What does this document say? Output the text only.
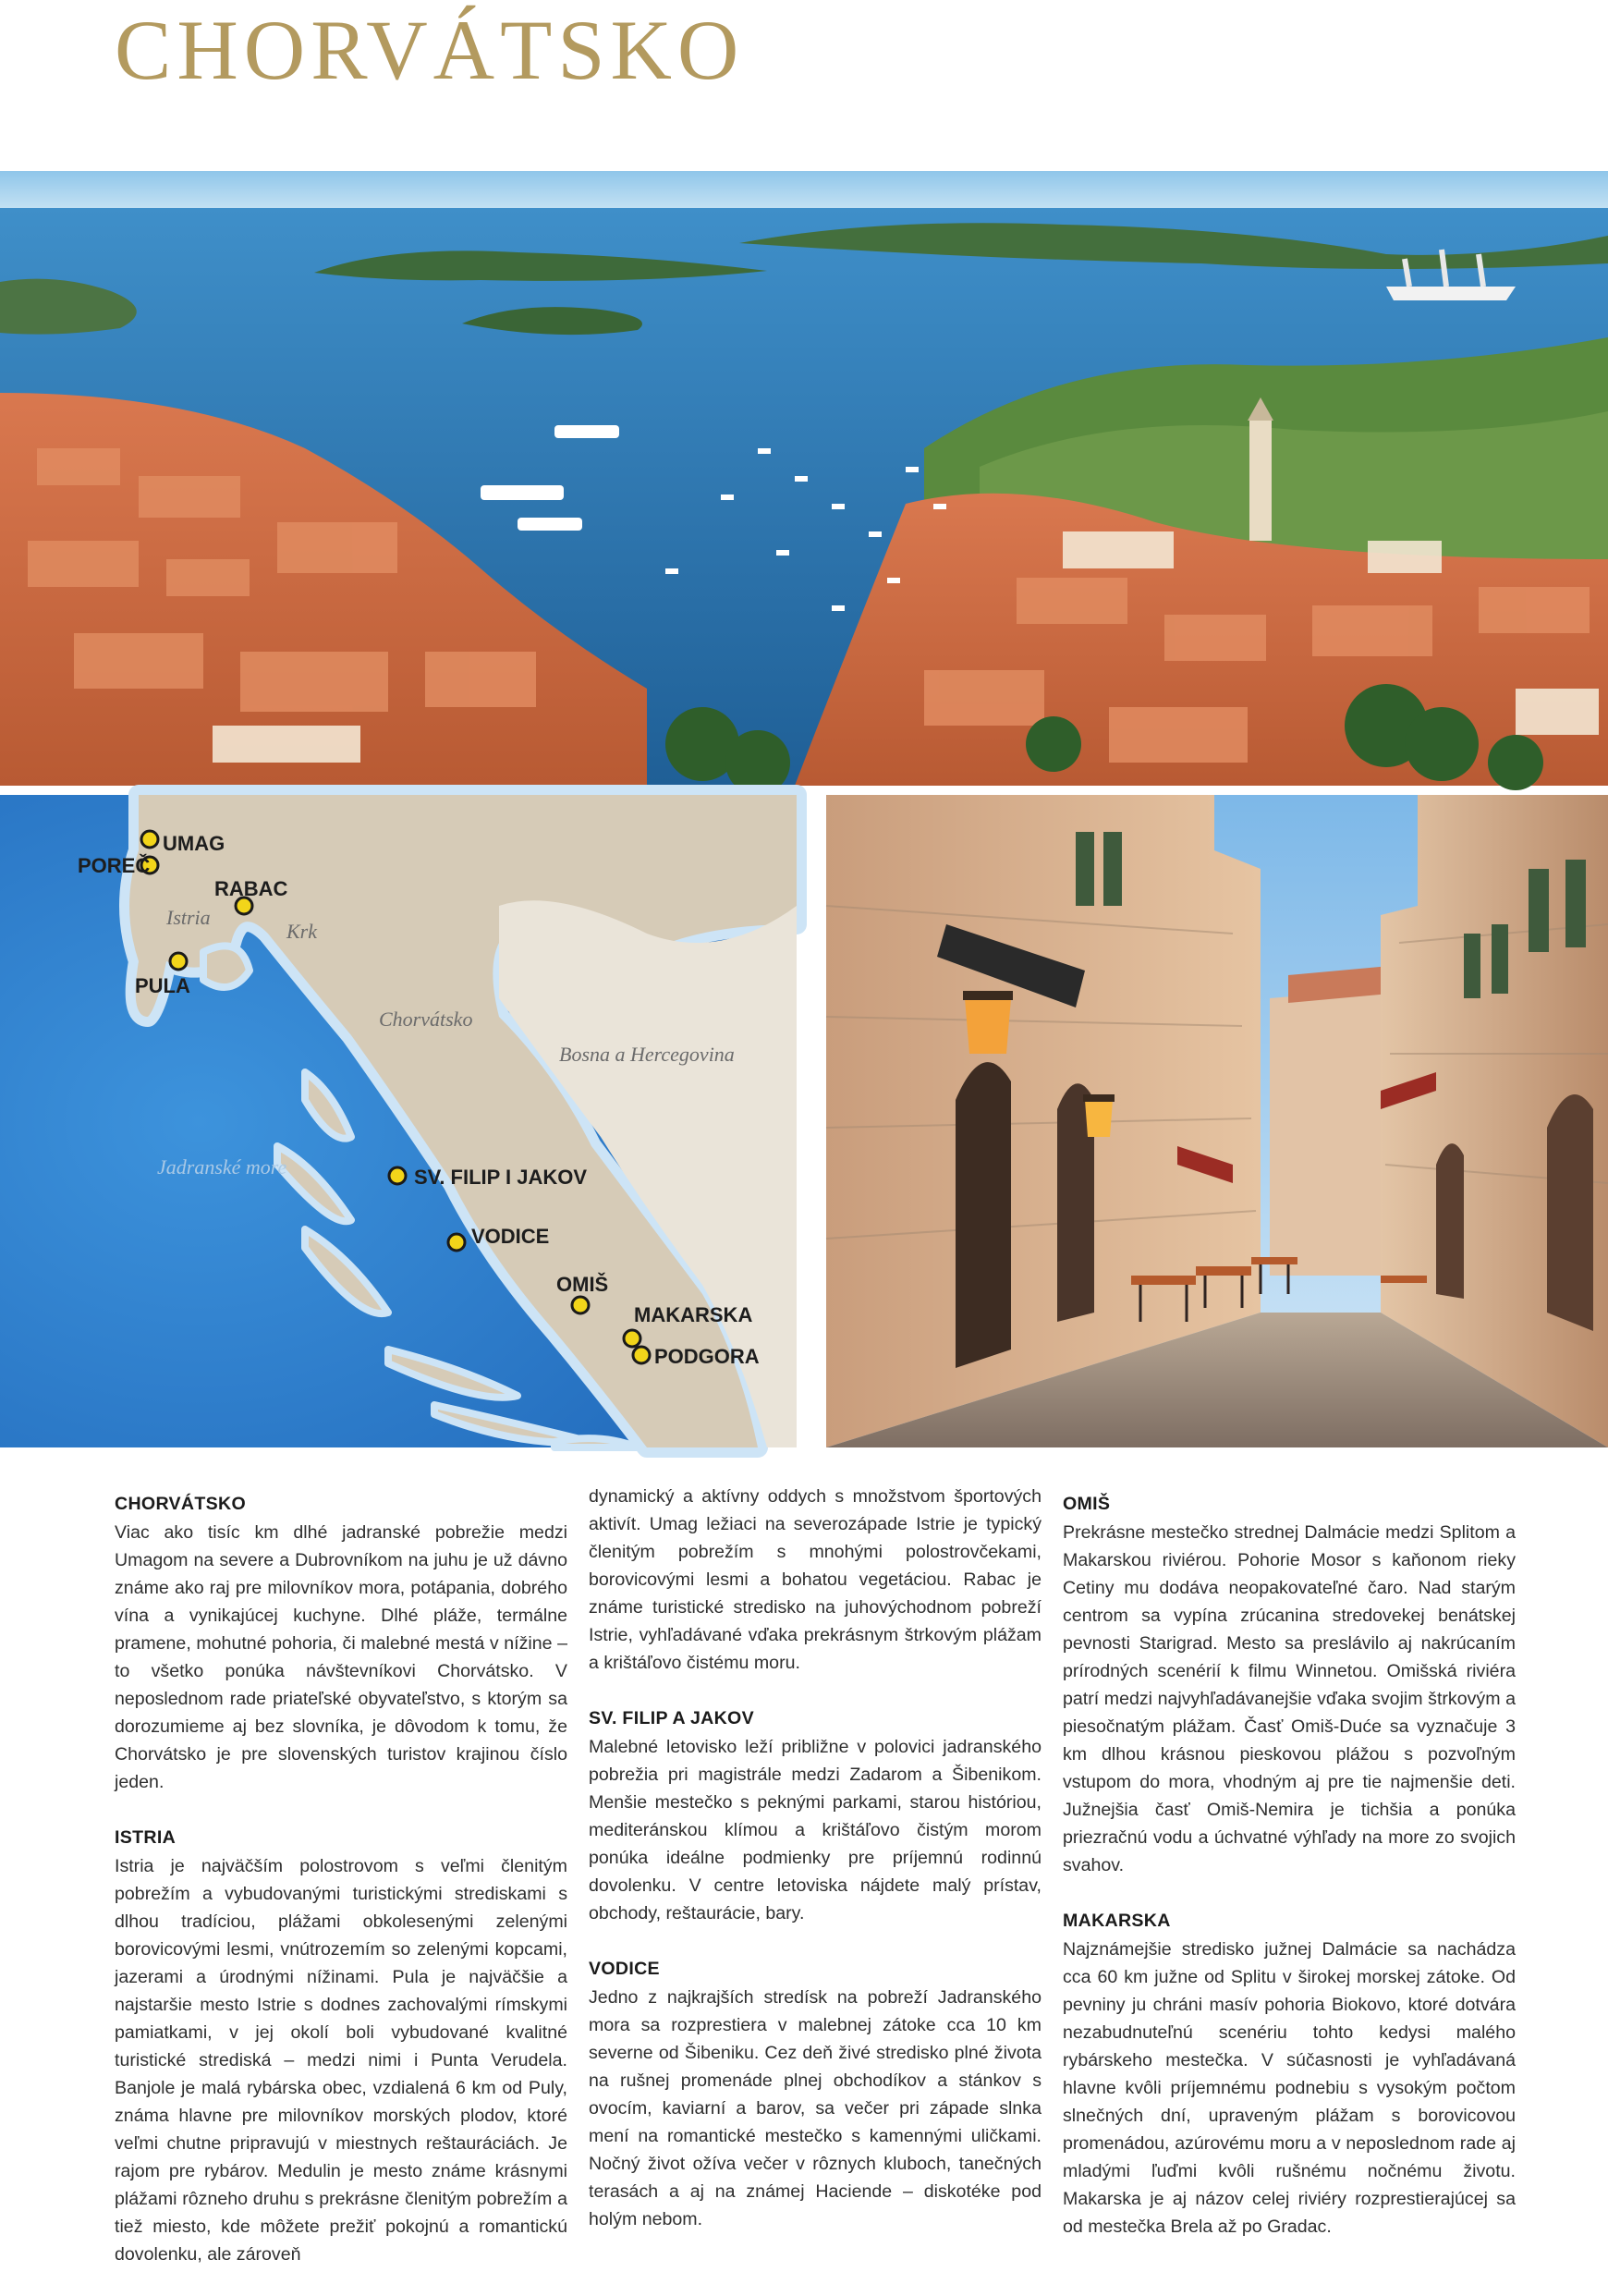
CHORVÁTSKO
Jadranské more
Istria
Krk
Chorvátsko
Bosna a Hercegovina
UMAG
POREČ
RABAC
PULA
SV. FILIP I JAKOV
VODICE
OMIŠ
MAKARSKA
PODGORA
CHORVÁTSKO

Viac ako tisíc km dlhé jadranské pobrežie medzi Umagom na severe a Dubrovníkom na juhu je už dávno známe ako raj pre milovníkov mora, potápania, dobrého vína a vynikajúcej kuchyne. Dlhé pláže, termálne pramene, mohutné pohoria, či malebné mestá v nížine – to všetko ponúka návštevníkovi Chorvátsko. V neposlednom rade priateľské obyvateľstvo, s ktorým sa dorozumieme aj bez slovníka, je dôvodom k tomu, že Chorvátsko je pre slovenských turistov krajinou číslo jeden.

ISTRIA

Istria je najväčším polostrovom s veľmi členitým pobrežím a vybudovanými turistickými strediskami s dlhou tradíciou, plážami obkolesenými zelenými borovicovými lesmi, vnútrozemím so zelenými kopcami, jazerami a úrodnými nížinami. Pula je najväčšie a najstaršie mesto Istrie s dodnes zachovalými rímskymi pamiatkami, v jej okolí boli vybudované kvalitné turistické strediská – medzi nimi i Punta Verudela. Banjole je malá rybárska obec, vzdialená 6 km od Puly, známa hlavne pre milovníkov morských plodov, ktoré veľmi chutne pripravujú v miestnych reštauráciách. Je rajom pre rybárov. Medulin je mesto známe krásnymi plážami rôzneho druhu s prekrásne členitým pobrežím a tiež miesto, kde môžete prežiť pokojnú a romantickú dovolenku, ale zároveň

dynamický a aktívny oddych s množstvom športových aktivít. Umag ležiaci na severozápade Istrie je typický členitým pobrežím s mnohými polostrovčekami, borovicovými lesmi a bohatou vegetáciou. Rabac je známe turistické stredisko na juhovýchodnom pobreží Istrie, vyhľadávané vďaka prekrásnym štrkovým plážam a krištáľovo čistému moru.

SV. FILIP A JAKOV

Malebné letovisko leží približne v polovici jadranského pobrežia pri magistrále medzi Zadarom a Šibenikom. Menšie mestečko s peknými parkami, starou históriou, mediteránskou klímou a krištáľovo čistým morom ponúka ideálne podmienky pre príjemnú rodinnú dovolenku. V centre letoviska nájdete malý prístav, obchody, reštaurácie, bary.

VODICE

Jedno z najkrajších stredísk na pobreží Jadranského mora sa rozprestiera v malebnej zátoke cca 10 km severne od Šibeniku. Cez deň živé stredisko plné života na rušnej promenáde plnej obchodíkov a stánkov s ovocím, kaviarní a barov, sa večer pri západe slnka mení na romantické mestečko s kamennými uličkami. Nočný život ožíva večer v rôznych kluboch, tanečných terasách a aj na známej Haciende – diskotéke pod holým nebom.

OMIŠ

Prekrásne mestečko strednej Dalmácie medzi Splitom a Makarskou riviérou. Pohorie Mosor s kaňonom rieky Cetiny mu dodáva neopakovateľné čaro. Nad starým centrom sa vypína zrúcanina stredovekej benátskej pevnosti Starigrad. Mesto sa preslávilo aj nakrúcaním prírodných scenérií k filmu Winnetou. Omišská riviéra patrí medzi najvyhľadávanejšie vďaka svojim štrkovým a piesočnatým plážam. Časť Omiš-Duće sa vyznačuje 3 km dlhou krásnou pieskovou plážou s pozvoľným vstupom do mora, vhodným aj pre tie najmenšie deti. Južnejšia časť Omiš-Nemira je tichšia a ponúka priezračnú vodu a úchvatné výhľady na more zo svojich svahov.

MAKARSKA

Najznámejšie stredisko južnej Dalmácie sa nachádza cca 60 km južne od Splitu v širokej morskej zátoke. Od pevniny ju chráni masív pohoria Biokovo, ktoré dotvára nezabudnuteľnú scenériu tohto kedysi malého rybárskeho mestečka. V súčasnosti je vyhľadávaná hlavne kvôli príjemnému podnebiu s vysokým počtom slnečných dní, upraveným plážam s borovicovou promenádou, azúrovému moru a v neposlednom rade aj mladými ľuďmi kvôli rušnému nočnému životu. Makarska je aj názov celej riviéry rozprestierajúcej sa od mestečka Brela až po Gradac.
